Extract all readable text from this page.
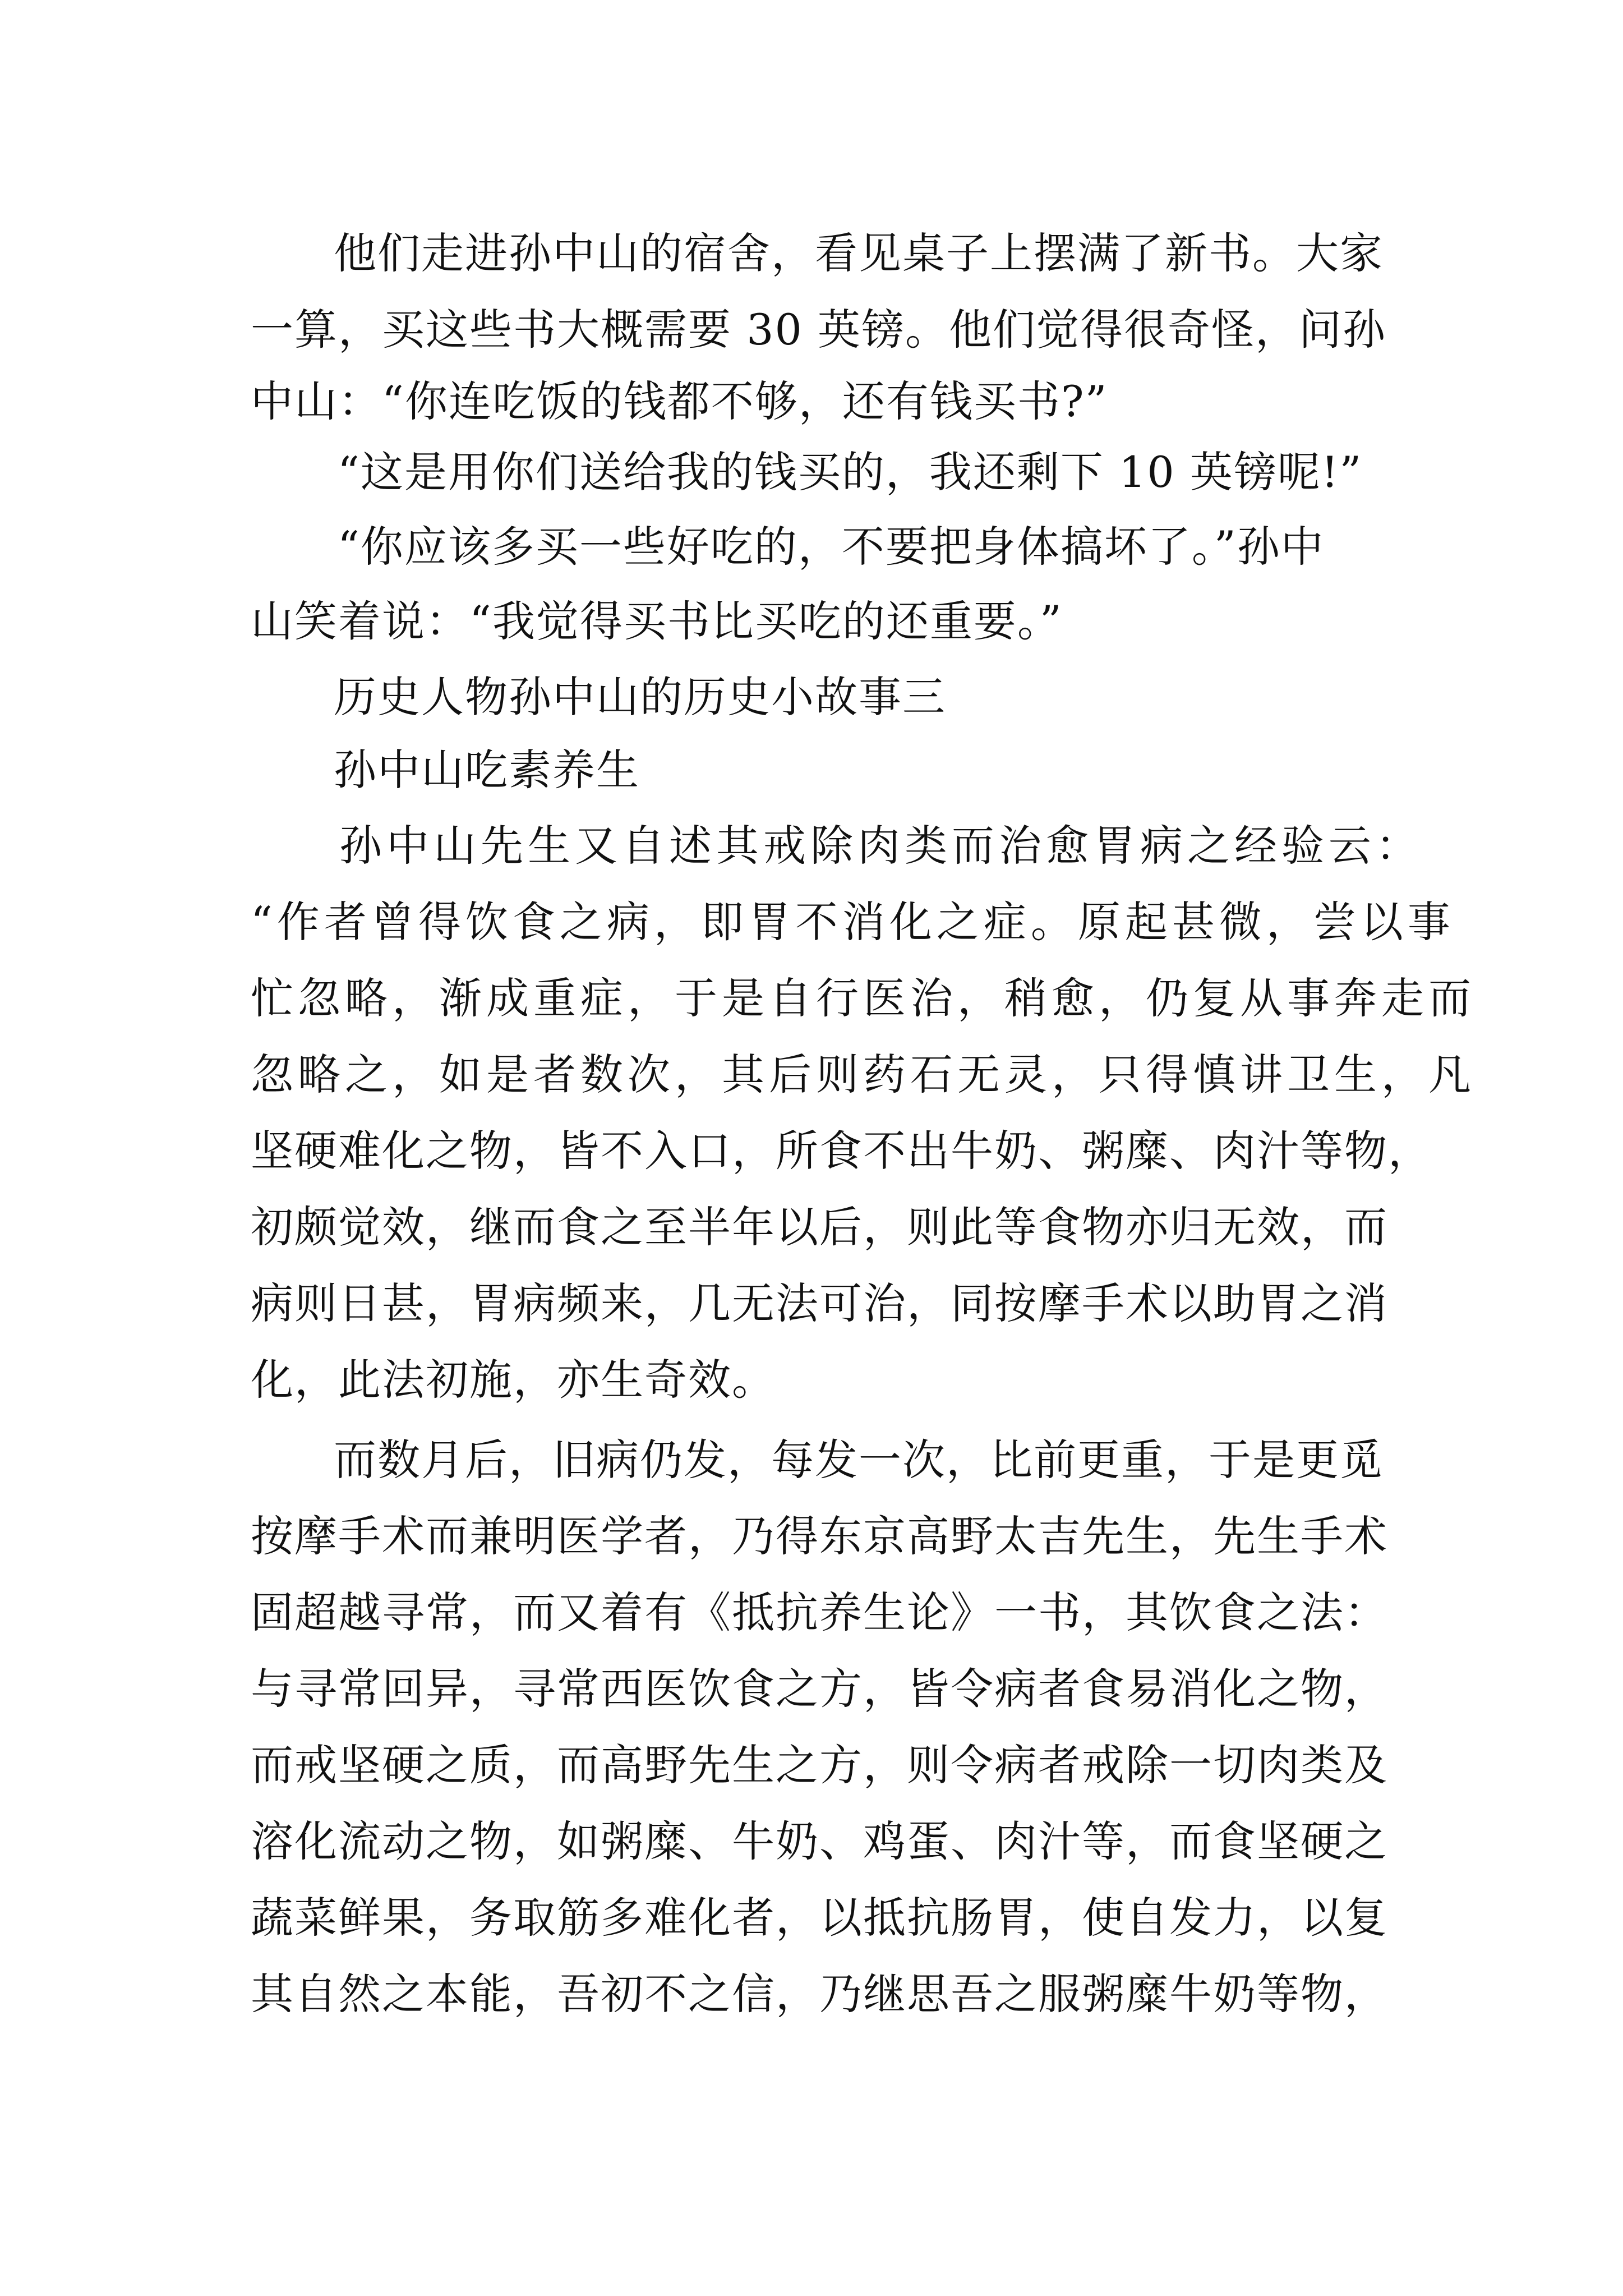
他们走进孙中山的宿舍，看见桌子上摆满了新书。大家
一算，买这些书大概需要 30 英镑。他们觉得很奇怪，问孙
中山：“你连吃饭的钱都不够，还有钱买书?”
“这是用你们送给我的钱买的，我还剩下 10 英镑呢!”
“你应该多买一些好吃的，不要把身体搞坏了。”孙中
山笑着说：“我觉得买书比买吃的还重要。”
历史人物孙中山的历史小故事三
孙中山吃素养生
孙中山先生又自述其戒除肉类而治愈胃病之经验云：
“作者曾得饮食之病，即胃不消化之症。原起甚微，尝以事
忙忽略，渐成重症，于是自行医治，稍愈，仍复从事奔走而
忽略之，如是者数次，其后则药石无灵，只得慎讲卫生，凡
坚硬难化之物，皆不入口，所食不出牛奶、粥糜、肉汁等物，
初颇觉效，继而食之至半年以后，则此等食物亦归无效，而
病则日甚，胃病频来，几无法可治，同按摩手术以助胃之消
化，此法初施，亦生奇效。
而数月后，旧病仍发，每发一次，比前更重，于是更觅
按摩手术而兼明医学者，乃得东京高野太吉先生，先生手术
固超越寻常，而又着有《抵抗养生论》一书，其饮食之法：
与寻常回异，寻常西医饮食之方，皆令病者食易消化之物，
而戒坚硬之质，而高野先生之方，则令病者戒除一切肉类及
溶化流动之物，如粥糜、牛奶、鸡蛋、肉汁等，而食坚硬之
蔬菜鲜果，务取筋多难化者，以抵抗肠胃，使自发力，以复
其自然之本能，吾初不之信，乃继思吾之服粥糜牛奶等物，
